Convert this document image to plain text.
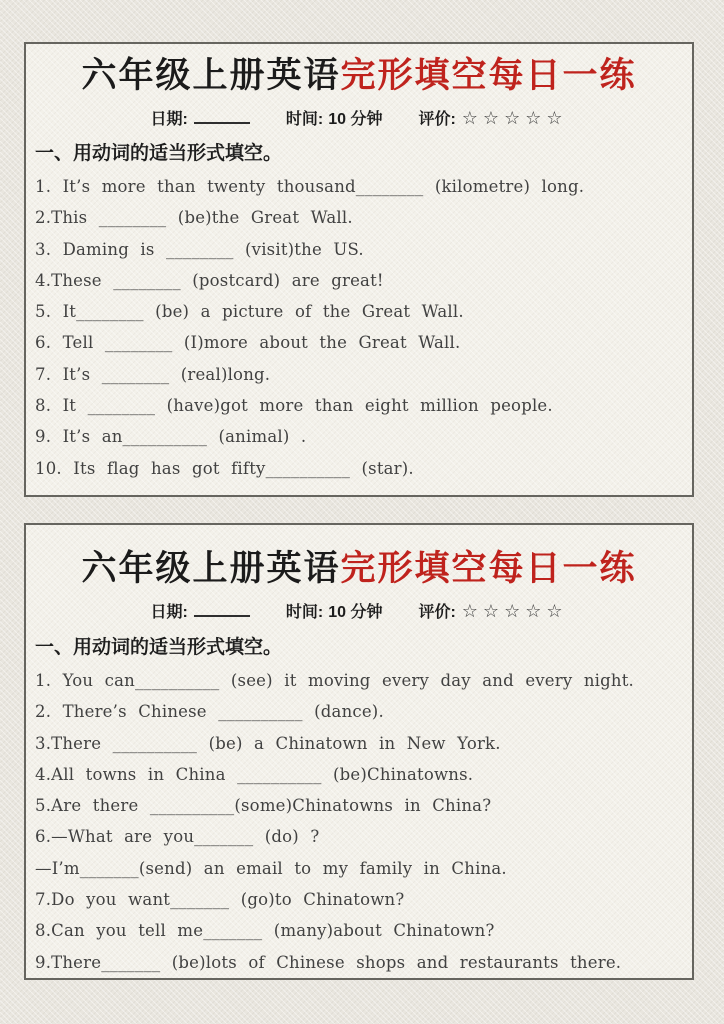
六年级上册英语完形填空每日一练
日期:	时间: 10 分钟 评价: ☆☆☆☆☆
一、用动词的适当形式填空。
1. It’s more than twenty thousand________ (kilometre) long.
2.This ________ (be)the Great Wall.
3. Daming is ________ (visit)the US.
4.These ________ (postcard) are great!
5. It________ (be) a picture of the Great Wall.
6. Tell ________ (I)more about the Great Wall.
7. It’s ________ (real)long.
8. It ________ (have)got more than eight million people.
9. It’s an__________ (animal) .
10. Its flag has got fifty__________ (star).
六年级上册英语完形填空每日一练
日期:	时间: 10 分钟 评价: ☆☆☆☆☆
一、用动词的适当形式填空。
1. You can__________ (see) it moving every day and every night.
2. There’s Chinese __________ (dance).
3.There __________ (be) a Chinatown in New York.
4.All towns in China __________ (be)Chinatowns.
5.Are there __________(some)Chinatowns in China?
6.—What are you_______ (do) ?
—I’m_______(send) an email to my family in China.
7.Do you want_______ (go)to Chinatown?
8.Can you tell me_______ (many)about Chinatown?
9.There_______ (be)lots of Chinese shops and restaurants there.
